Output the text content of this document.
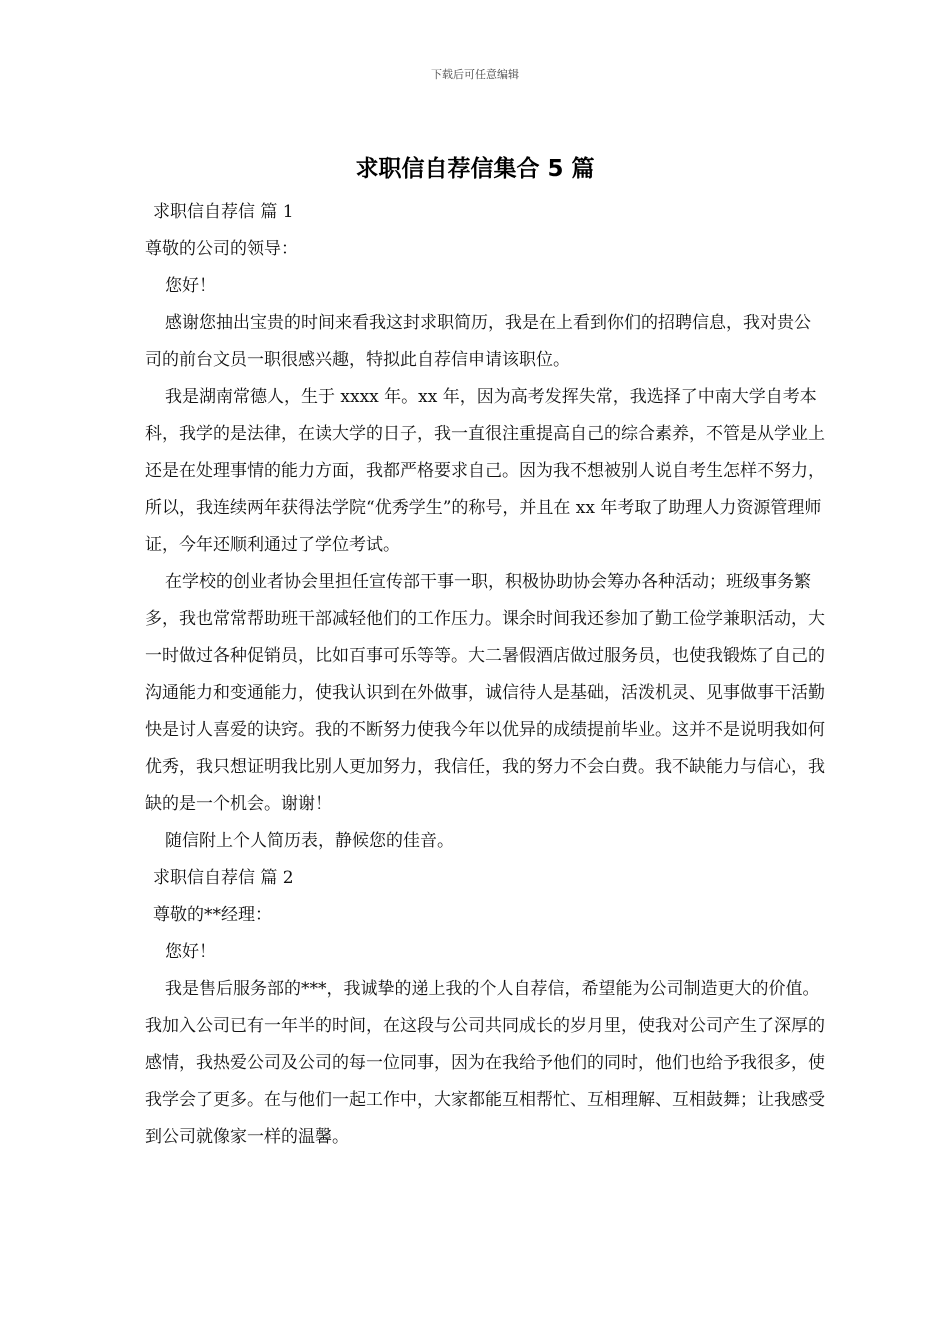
下载后可任意编辑
求职信自荐信集合 5 篇

求职信自荐信 篇 1

尊敬的公司的领导：

您好！

感谢您抽出宝贵的时间来看我这封求职简历，我是在上看到你们的招聘信息，我对贵公司的前台文员一职很感兴趣，特拟此自荐信申请该职位。

我是湖南常德人，生于 xxxx 年。xx 年，因为高考发挥失常，我选择了中南大学自考本科，我学的是法律，在读大学的日子，我一直很注重提高自己的综合素养，不管是从学业上还是在处理事情的能力方面，我都严格要求自己。因为我不想被别人说自考生怎样不努力，所以，我连续两年获得法学院“优秀学生”的称号，并且在 xx 年考取了助理人力资源管理师证，今年还顺利通过了学位考试。

在学校的创业者协会里担任宣传部干事一职，积极协助协会筹办各种活动；班级事务繁多，我也常常帮助班干部减轻他们的工作压力。课余时间我还参加了勤工俭学兼职活动，大一时做过各种促销员，比如百事可乐等等。大二暑假酒店做过服务员，也使我锻炼了自己的沟通能力和变通能力，使我认识到在外做事，诚信待人是基础，活泼机灵、见事做事干活勤快是讨人喜爱的诀窍。我的不断努力使我今年以优异的成绩提前毕业。这并不是说明我如何优秀，我只想证明我比别人更加努力，我信任，我的努力不会白费。我不缺能力与信心，我缺的是一个机会。谢谢！

随信附上个人简历表，静候您的佳音。

求职信自荐信 篇 2

尊敬的**经理：

您好！

我是售后服务部的***，我诚挚的递上我的个人自荐信，希望能为公司制造更大的价值。我加入公司已有一年半的时间，在这段与公司共同成长的岁月里，使我对公司产生了深厚的感情，我热爱公司及公司的每一位同事，因为在我给予他们的同时，他们也给予我很多，使我学会了更多。在与他们一起工作中，大家都能互相帮忙、互相理解、互相鼓舞；让我感受到公司就像家一样的温馨。
